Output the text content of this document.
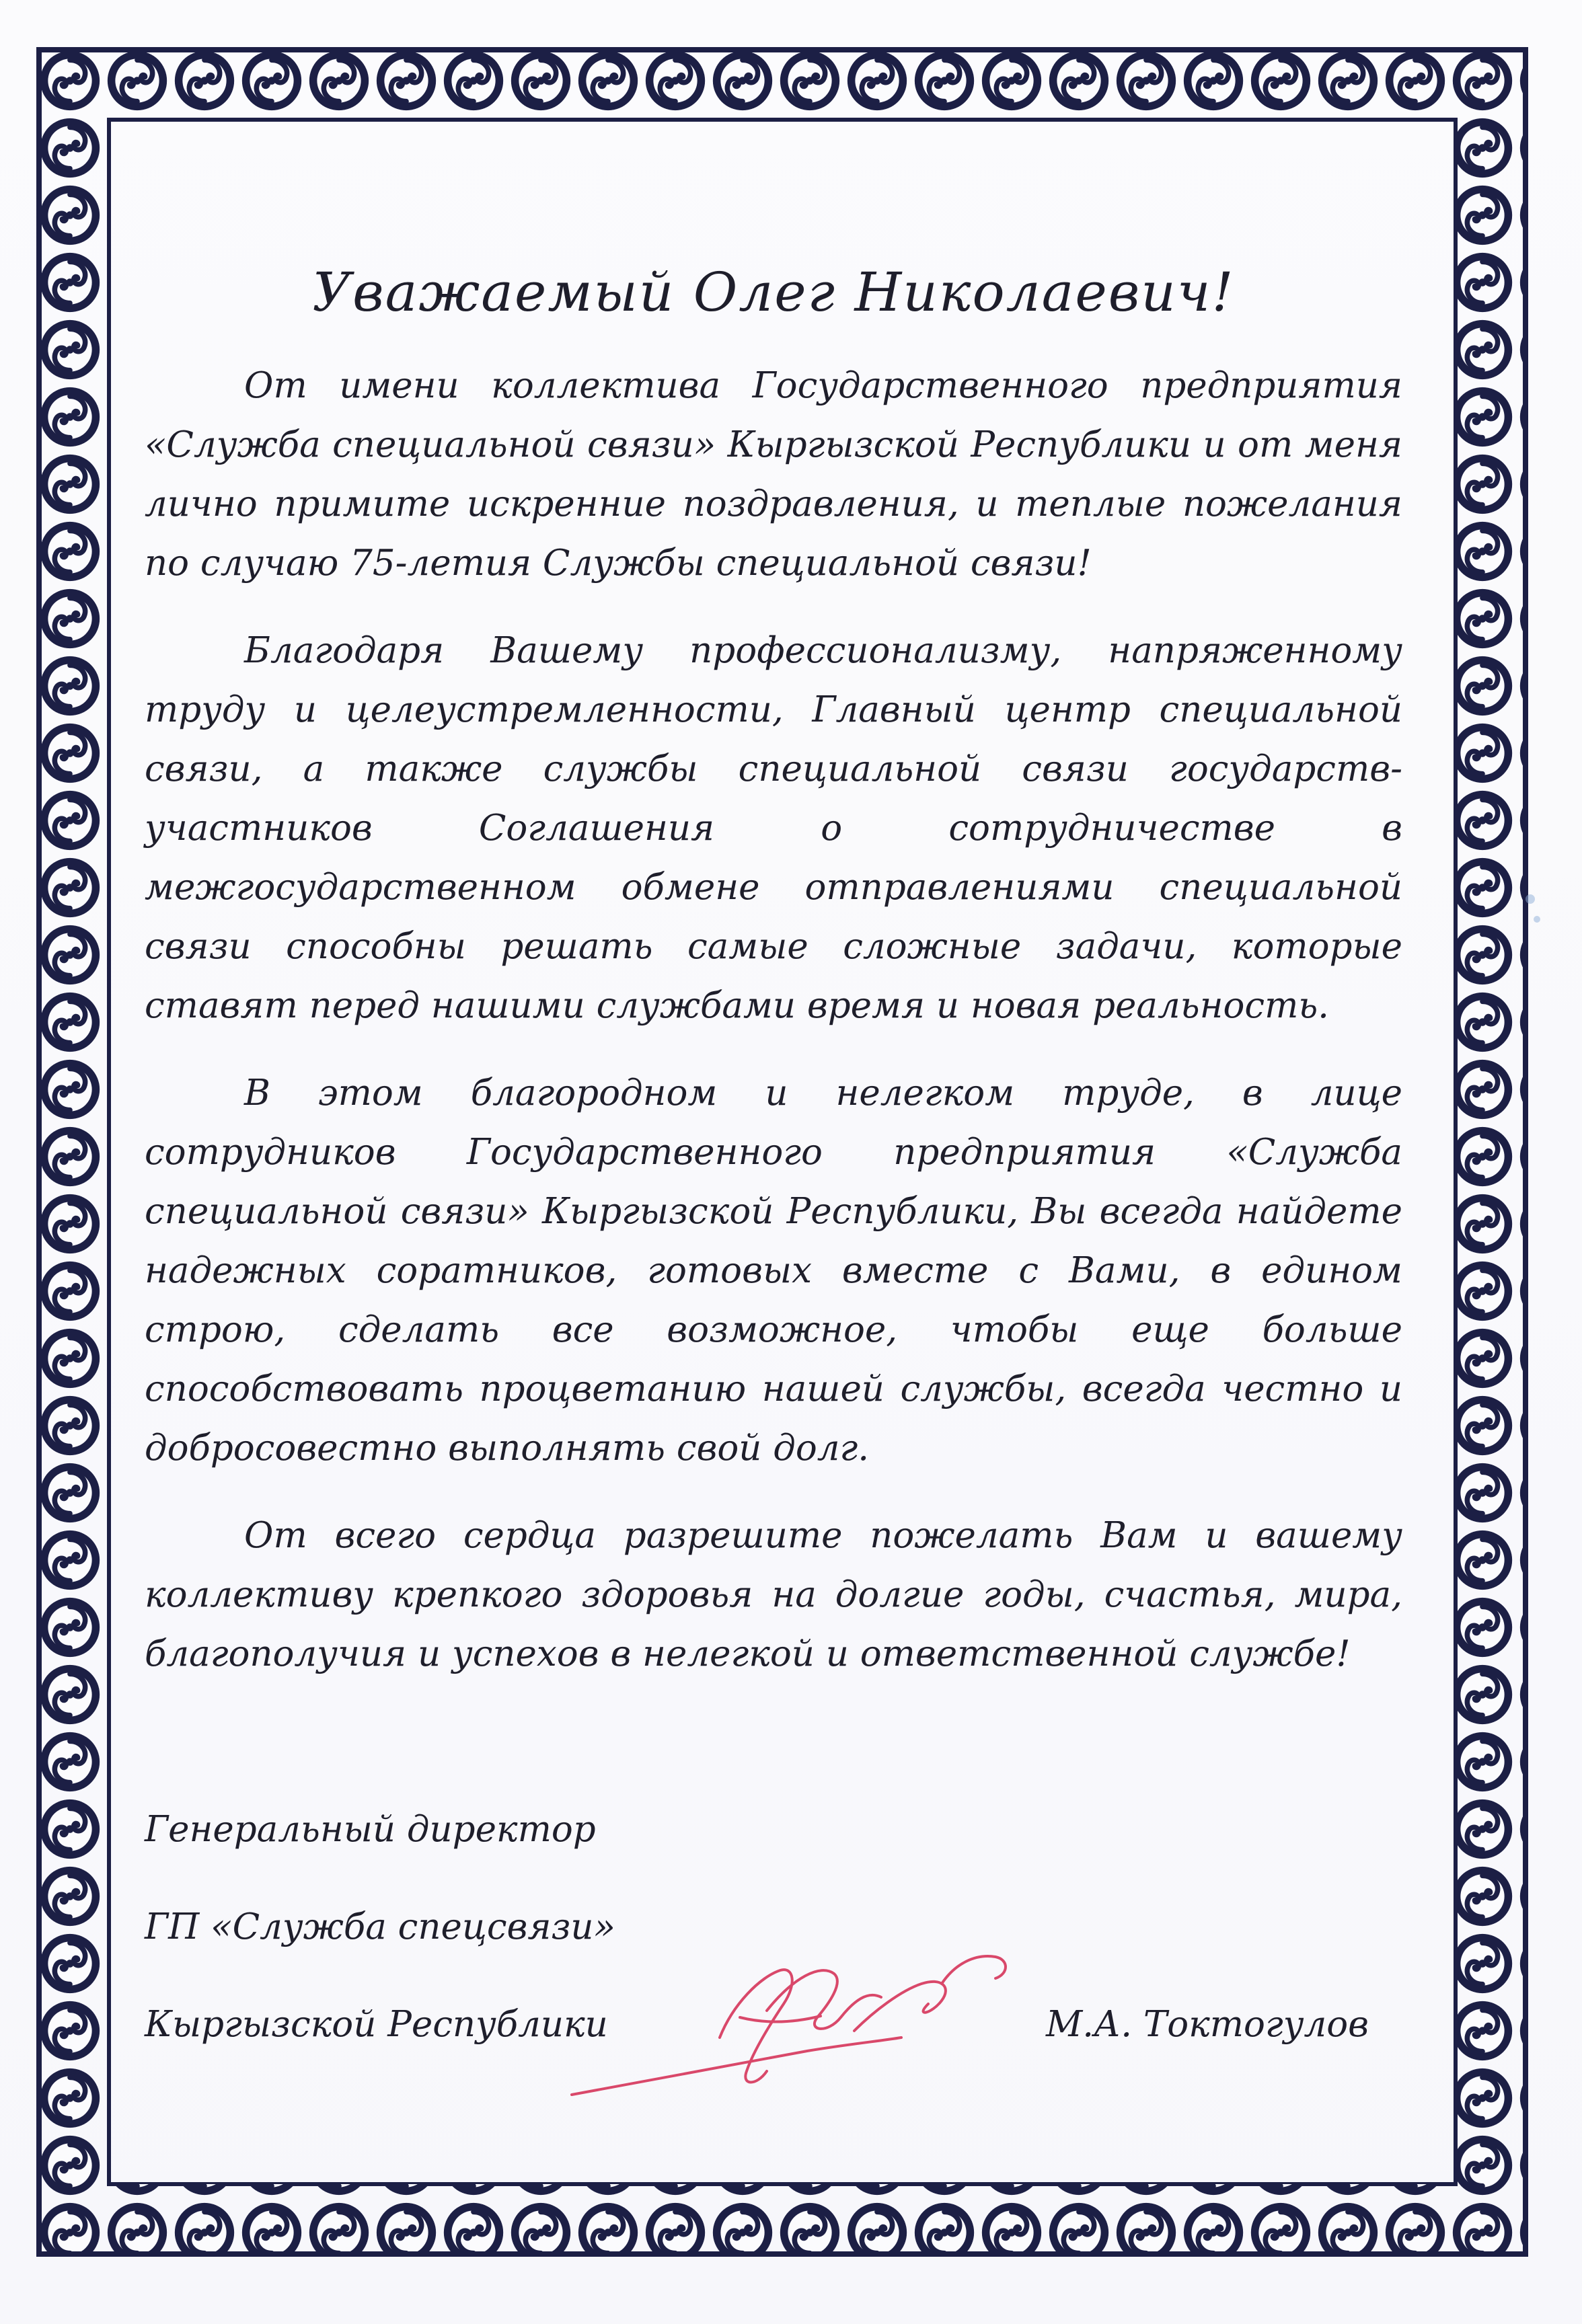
Уважаемый Олег Николаевич!

От имени коллектива Государственного предприятия «Служба специальной связи» Кыргызской Республики и от меня лично примите искренние поздравления, и теплые пожелания по случаю 75-летия Службы специальной связи!

Благодаря Вашему профессионализму, напряженному труду и целеустремленности, Главный центр специальной связи, а также службы специальной связи государств-участников Соглашения о сотрудничестве в межгосударственном обмене отправлениями специальной связи способны решать самые сложные задачи, которые ставят перед нашими службами время и новая реальность.

В этом благородном и нелегком труде, в лице сотрудников Государственного предприятия «Служба специальной связи» Кыргызской Республики, Вы всегда найдете надежных соратников, готовых вместе с Вами, в едином строю, сделать все возможное, чтобы еще больше способствовать процветанию нашей службы, всегда честно и добросовестно выполнять свой долг.

От всего сердца разрешите пожелать Вам и вашему коллективу крепкого здоровья на долгие годы, счастья, мира, благополучия и успехов в нелегкой и ответственной службе!

Генеральный директор
ГП «Служба спецсвязи»
Кыргызской Республики	М.А. Токтогулов
